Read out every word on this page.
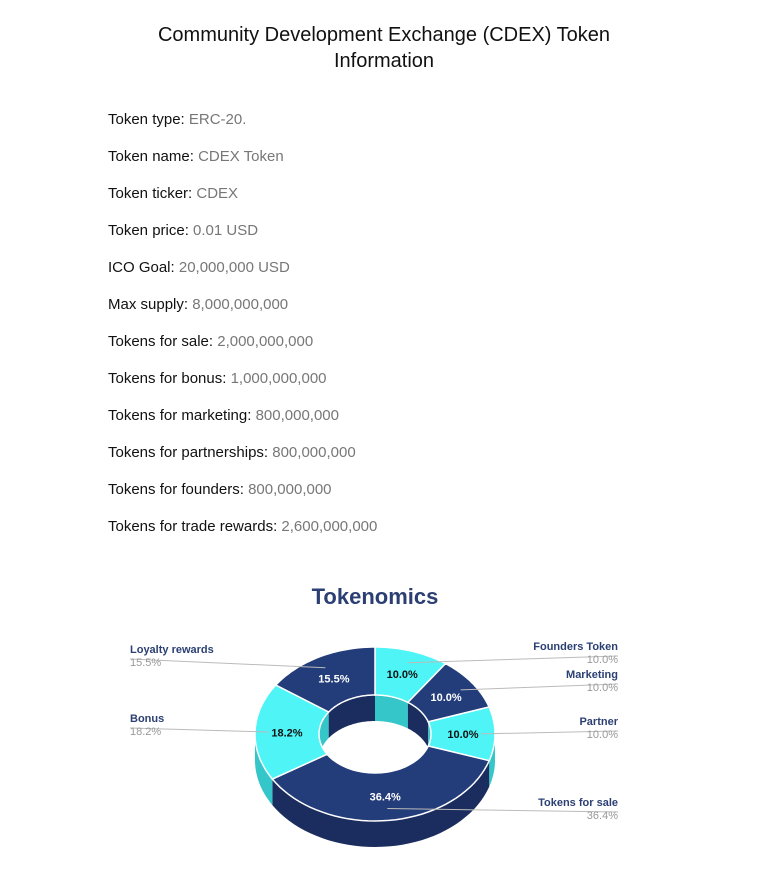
Community Development Exchange (CDEX) Token
Information
Token type: ERC-20.
Token name: CDEX Token
Token ticker: CDEX
Token price: 0.01 USD
ICO Goal: 20,000,000 USD
Max supply: 8,000,000,000
Tokens for sale: 2,000,000,000
Tokens for bonus: 1,000,000,000
Tokens for marketing: 800,000,000
Tokens for partnerships: 800,000,000
Tokens for founders: 800,000,000
Tokens for trade rewards: 2,600,000,000
Tokenomics
10.0%
10.0%
10.0%
36.4%
18.2%
15.5%
Founders Token
10.0%
Marketing
10.0%
Partner
10.0%
Tokens for sale
36.4%
Bonus
18.2%
Loyalty rewards
15.5%
